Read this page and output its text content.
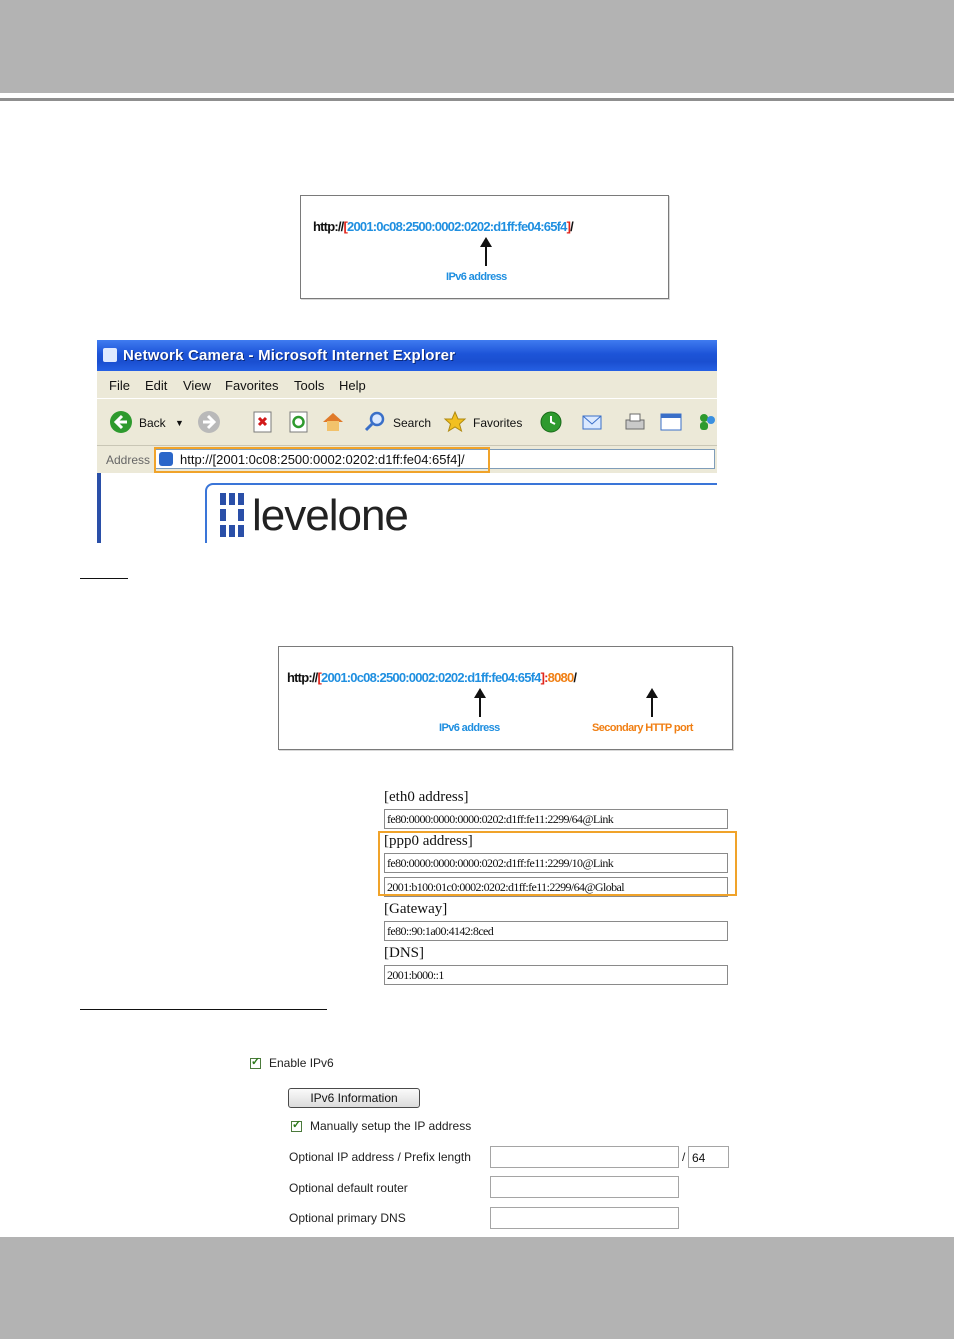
http://[2001:0c08:2500:0002:0202:d1ff:fe04:65f4]/
IPv6 address
Network Camera - Microsoft Internet Explorer
File Edit View Favorites Tools Help
Back ▼	Search	Favorites
Address http://[2001:0c08:2500:0002:0202:d1ff:fe04:65f4]/
levelone
http://[2001:0c08:2500:0002:0202:d1ff:fe04:65f4]:8080/
IPv6 address	Secondary HTTP port
[eth0 address]
fe80:0000:0000:0000:0202:d1ff:fe11:2299/64@Link
[ppp0 address]
fe80:0000:0000:0000:0202:d1ff:fe11:2299/10@Link
2001:b100:01c0:0002:0202:d1ff:fe11:2299/64@Global
[Gateway]
fe80::90:1a00:4142:8ced
[DNS]
2001:b000::1
✓
Enable IPv6
IPv6 Information
✓
Manually setup the IP address
Optional IP address / Prefix length	/ 64
Optional default router
Optional primary DNS
